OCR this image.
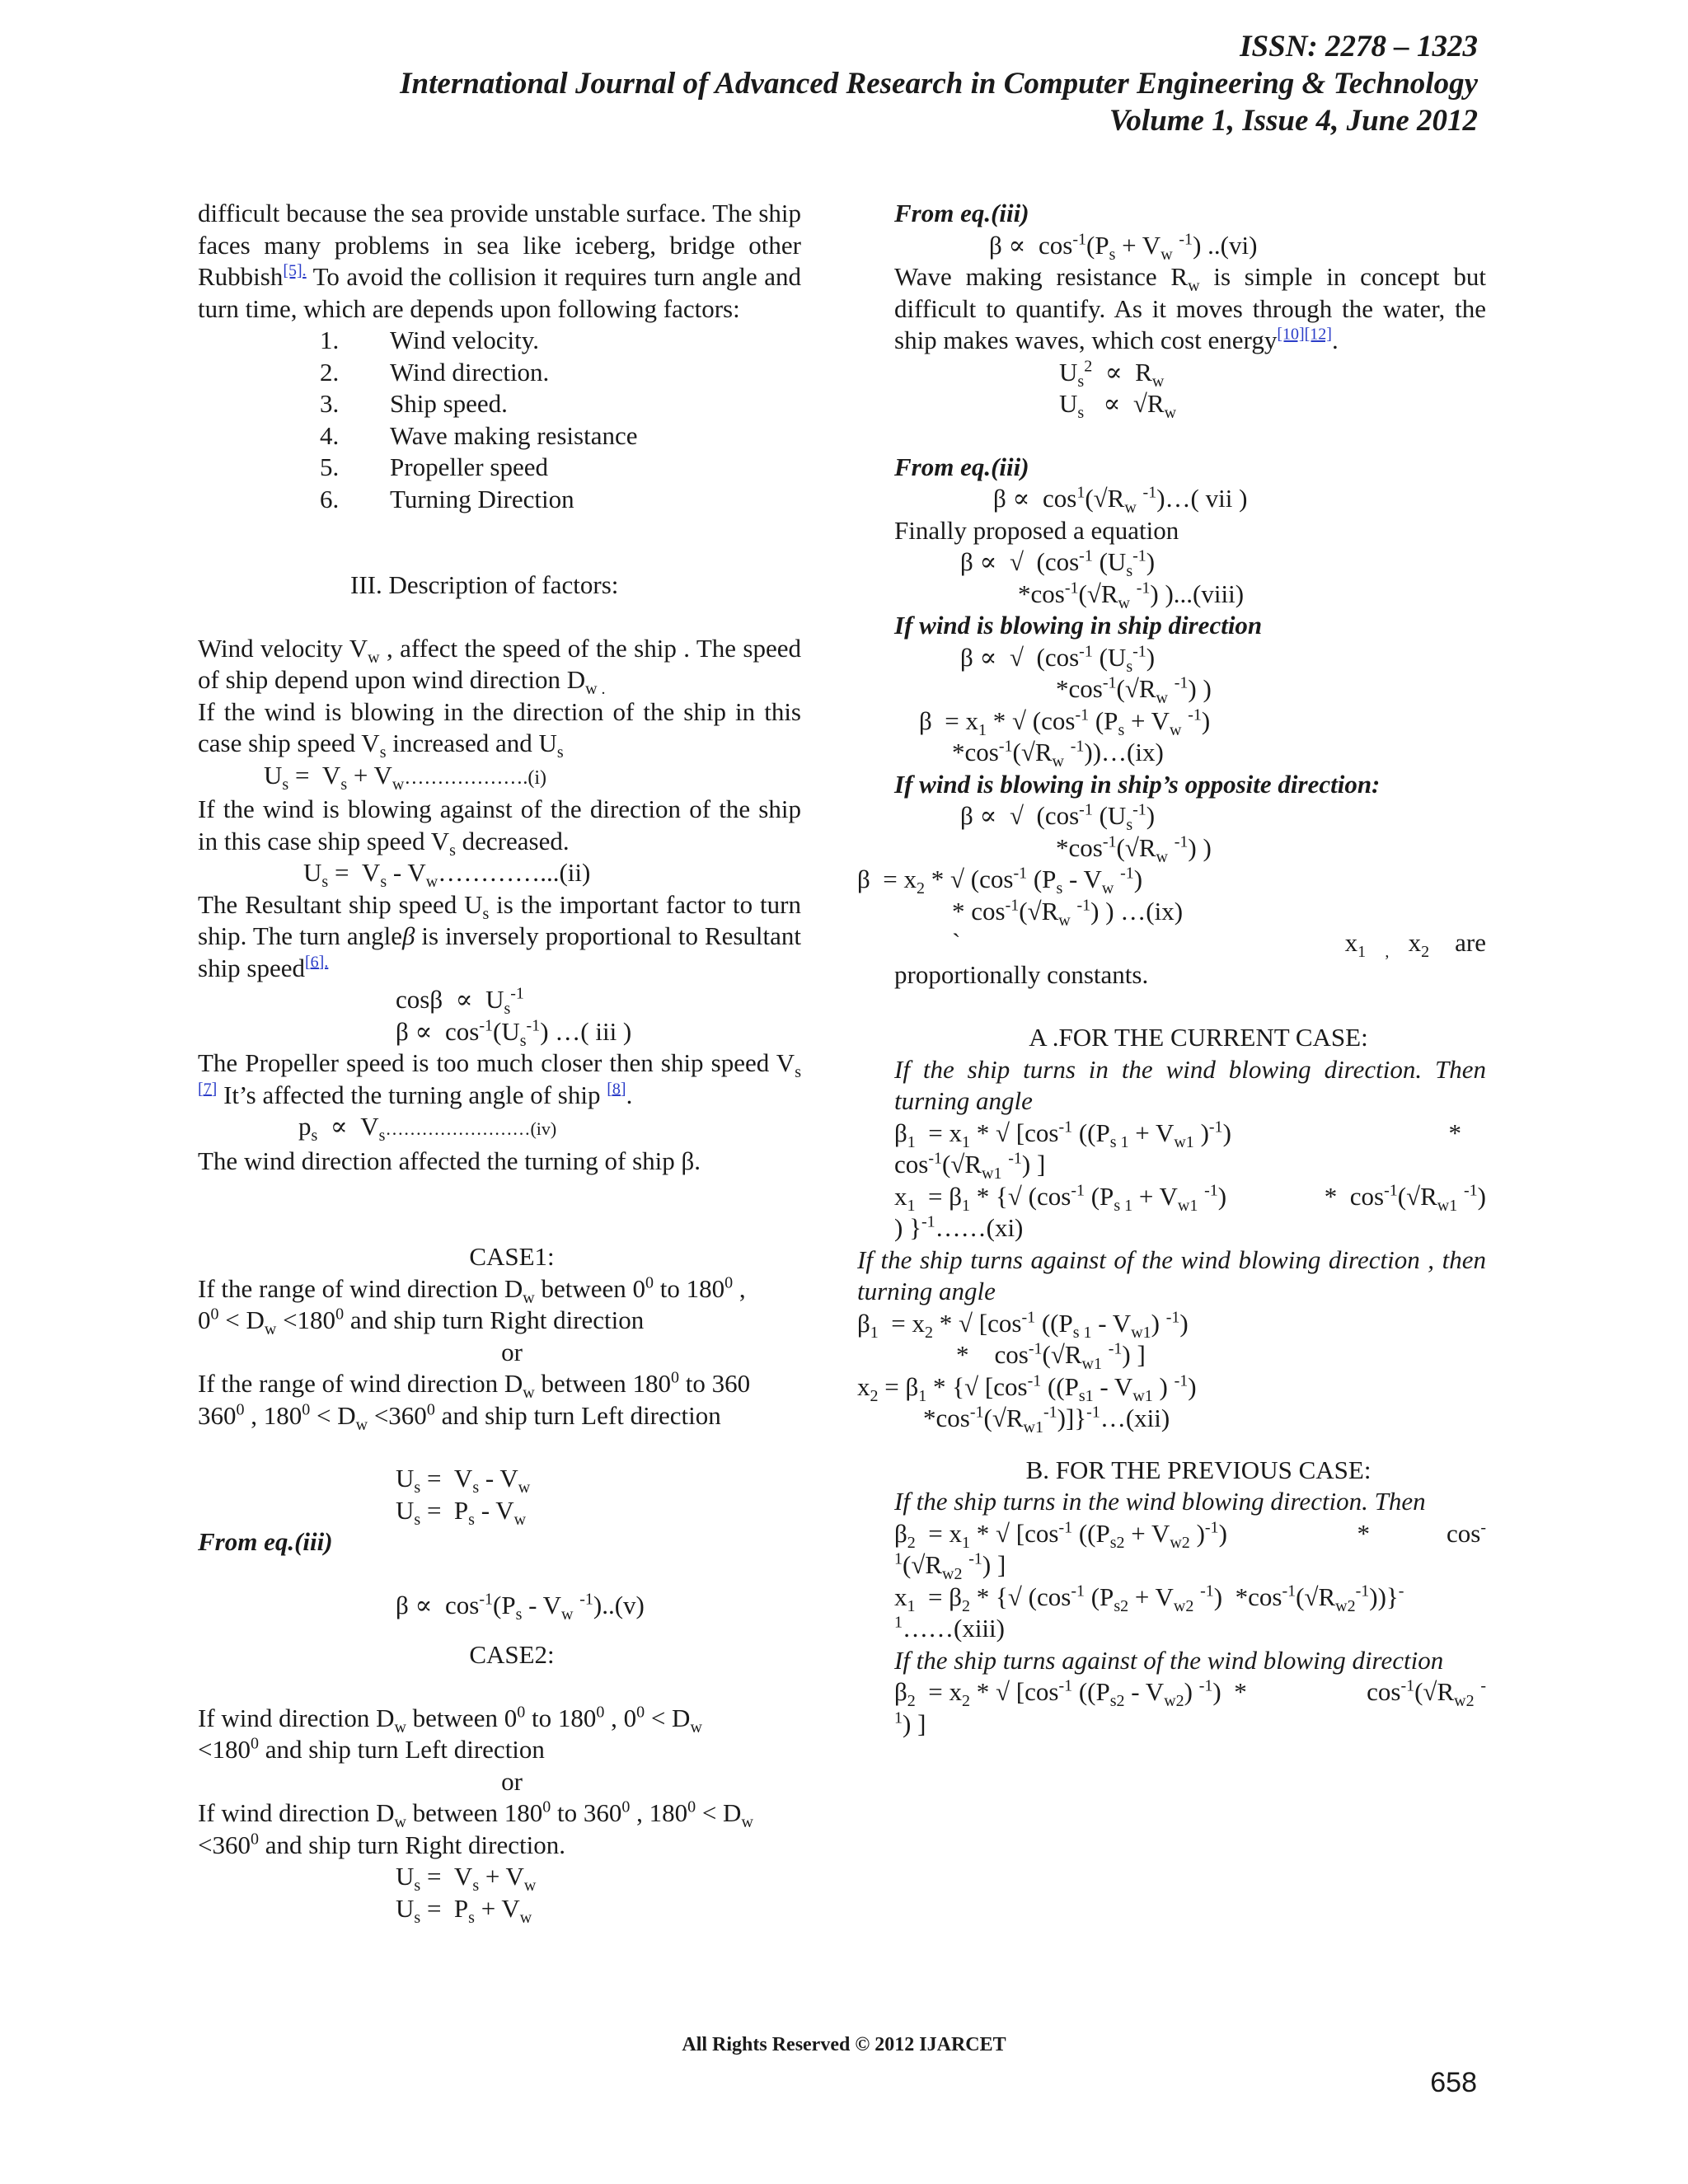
ISSN: 2278 – 1323
International Journal of Advanced Research in Computer Engineering & Technology
Volume 1, Issue 4, June 2012

difficult because the sea provide unstable surface. The ship faces many problems in sea like iceberg, bridge other Rubbish$^{[5].}$ To avoid the collision it requires turn angle and turn time, which are depends upon following factors:

1.	Wind velocity.
2.	Wind direction.
3.	Ship speed.
4.	Wave making resistance
5.	Propeller speed
6.	Turning Direction

III. Description of factors:

Wind velocity $V_w$ , affect the speed of the ship . The speed of ship depend upon wind direction $D_{w .}$

If the wind is blowing in the direction of the ship in this case ship speed $V_s$ increased and $U_s$

$U_s = V_s$ + $V_w\dots\dots\dots\dots\dots\dots.(i)$

If the wind is blowing against of the direction of the ship in this case ship speed $V_s$ decreased.

$U_s = V_s$ - $V_w\dots\dots\dots\dots...(ii)$

The Resultant ship speed $U_s$ is the important factor to turn ship. The turn angleβ is inversely proportional to Resultant ship speed$^{[6].}$

$\cos\beta \propto U_s^{-1}$

$\beta \propto \cos^{-1}(U_s^{-1})$ …( iii )

The Propeller speed is too much closer then ship speed $V_s$ [7] It’s affected the turning angle of ship [8].

$p_s$  ∝  $V_s\dots\dots\dots\dots\dots\dots\dots\dots(iv)$

The wind direction affected the turning of ship β.

CASE1:

If the range of wind direction $D_w$ between $0^0$ to $180^0$ ,
$0^0 < D_w <180^0$ and ship turn Right direction

or

If the range of wind direction $D_w$ between $180^0$ to 360
$360^0$ , $180^0 < D_w <360^0$ and ship turn Left direction

$U_s = V_s - V_w$

$U_s = P_s - V_w$

From eq.(iii)

$\beta \propto \cos^{-1}(P_s - V_w$ $^{-1}$)..(v)

CASE2:

If wind direction $D_w$ between $0^0$ to $180^0$ , $0^0 < D_w$
$<180^0$ and ship turn Left direction

or

If wind direction $D_w$ between $180^0$ to $360^0$ , $180^0 < D_w$
$<360^0$ and ship turn Right direction.

$U_s = V_s + V_w$

$U_s = P_s + V_w$

From eq.(iii)

$\beta \propto \cos^{-1}(P_s + V_w$ $^{-1}$) ..(vi)

Wave making resistance $R_w$ is simple in concept but difficult to quantify. As it moves through the water, the ship makes waves, which cost energy[10][12].

$U_s^2 \propto R_w$

$U_s \propto √R_w$

From eq.(iii)

$\beta \propto \cos^1(√R_w$ $^{-1}$)…( vii )

Finally proposed a equation

β ∝  √  ($\cos^{-1}$ $(U_s^{-1})$

$*\cos^{-1}(√R_w$ $^{-1}$) )...(viii)

If wind is blowing in ship direction

β ∝  √  ($\cos^{-1}$ $(U_s^{-1})$

$*\cos^{-1}(√R_w$ $^{-1}$) )

$\beta = x_1$ * √ ($\cos^{-1}$ ($P_s + V_w$ $^{-1}$)

$*\cos^{-1}(√R_w$ $^{-1}$))…(ix)

If wind is blowing in ship’s opposite direction:

β ∝  √  ($\cos^{-1}$ $(U_s^{-1})$

$*\cos^{-1}(√R_w$ $^{-1}$) )

$\beta = x_2$ * √ ($\cos^{-1}$ ($P_s - V_w$ $^{-1}$)

* $\cos^{-1}(√R_w$ $^{-1}$) ) …(ix)

`	$x_1$ $_,$   $x_2$ are

proportionally constants.

A .FOR THE CURRENT CASE:

If the ship turns in the wind blowing direction. Then turning angle

$\beta_1 = x_1$ * √ [$\cos^{-1}$ (($P_{s 1} + V_{w1}$ )$^{-1}$)	*

$\cos^{-1}(√R_{w1}$ $^{-1}$) ]

$x_1 = \beta_1$ * {√ ($\cos^{-1}$ ($P_{s 1} + V_{w1}$ $^{-1}$)	*  $\cos^{-1}(√R_{w1}$ $^{-1}$)

) }$^{-1}$……(xi)

If the ship turns against of the wind blowing direction , then turning angle

$\beta_1 = x_2$ * √ [$\cos^{-1}$ ($(P_{s 1} - V_{w1})$ $^{-1}$)

*    $\cos^{-1}(√R_{w1}$ $^{-1}$) ]

$x_2 = \beta_1$ * {√ [$\cos^{-1}$ (($P_{s1} - V_{w1}$ ) $^{-1}$)

$*\cos^{-1}(√R_{w1}^{-1})]\}^{-1}\dots(xii)$

B. FOR THE PREVIOUS CASE:

If the ship turns in the wind blowing direction. Then

$\beta_2 = x_1$ * √ [$\cos^{-1}$ (($P_{s2} + V_{w2}$ )$^{-1}$)	*            cos-

$^1(√R_{w2}$ $^{-1}$) ]

$x_1 = \beta_2$ * {√ ($\cos^{-1}$ ($P_{s2} + V_{w2}$ $^{-1}$)  $*\cos^{-1}(√R_{w2}^{-1}))\}^-$

$^1$……(xiii)

If the ship turns against of the wind blowing direction

$\beta_2 = x_2$ * √ [$\cos^{-1}$ ($(P_{s2} - V_{w2})$ $^{-1}$)  *	$\cos^{-1}(√R_{w2}$ -

$^1$) ]

All Rights Reserved © 2012 IJARCET
658
